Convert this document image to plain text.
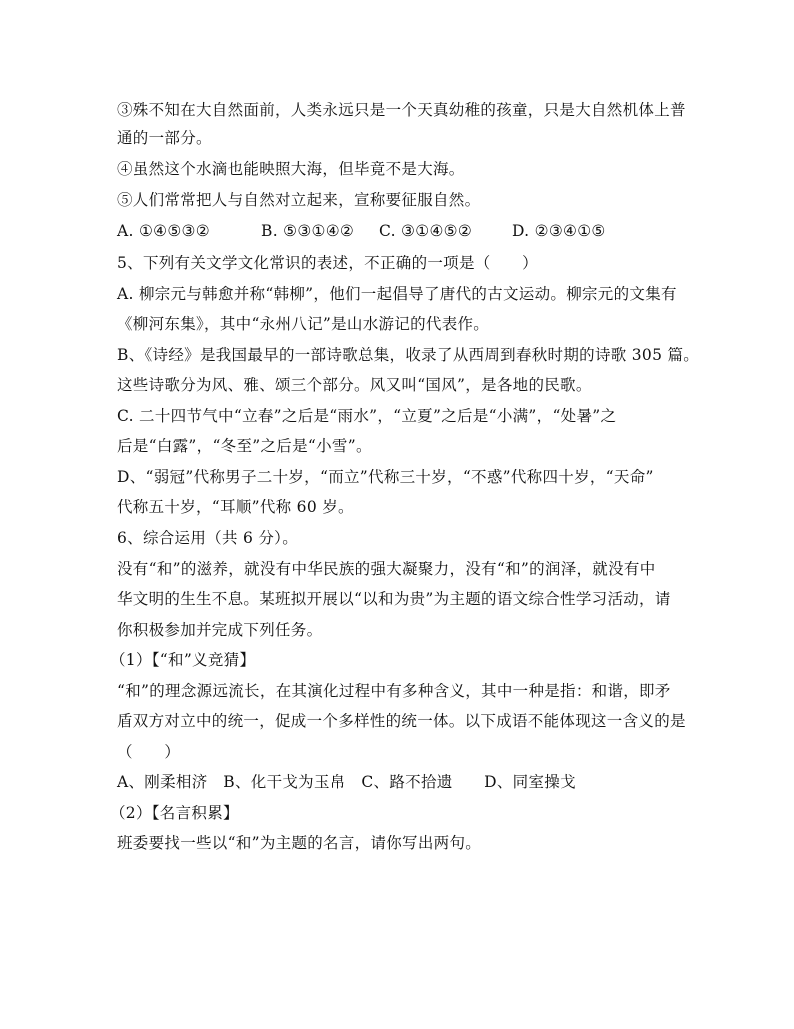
③殊不知在大自然面前，人类永远只是一个天真幼稚的孩童，只是大自然机体上普
通的一部分。
④虽然这个水滴也能映照大海，但毕竟不是大海。
⑤人们常常把人与自然对立起来，宣称要征服自然。
A. ①④⑤③②	B. ⑤③①④② C. ③①④⑤②	D. ②③④①⑤
5、下列有关文学文化常识的表述，不正确的一项是（　　）
A. 柳宗元与韩愈并称“韩柳”，他们一起倡导了唐代的古文运动。柳宗元的文集有
《柳河东集》，其中“永州八记”是山水游记的代表作。
B、《诗经》是我国最早的一部诗歌总集，收录了从西周到春秋时期的诗歌 305 篇。
这些诗歌分为风、雅、颂三个部分。风又叫“国风”，是各地的民歌。
C. 二十四节气中“立春”之后是“雨水”，“立夏”之后是“小满”，“处暑”之
后是“白露”，“冬至”之后是“小雪”。
D、“弱冠”代称男子二十岁，“而立”代称三十岁，“不惑”代称四十岁，“天命”
代称五十岁，“耳顺”代称 60 岁。
6、综合运用（共 6 分）。
没有“和”的滋养，就没有中华民族的强大凝聚力，没有“和”的润泽，就没有中
华文明的生生不息。某班拟开展以“以和为贵”为主题的语文综合性学习活动，请
你积极参加并完成下列任务。
（1）【“和”义竞猜】
“和”的理念源远流长，在其演化过程中有多种含义，其中一种是指：和谐，即矛
盾双方对立中的统一，促成一个多样性的统一体。以下成语不能体现这一含义的是
（　　）
A、刚柔相济　B、化干戈为玉帛　C、路不拾遗　　D、同室操戈
（2）【名言积累】
班委要找一些以“和”为主题的名言，请你写出两句。
